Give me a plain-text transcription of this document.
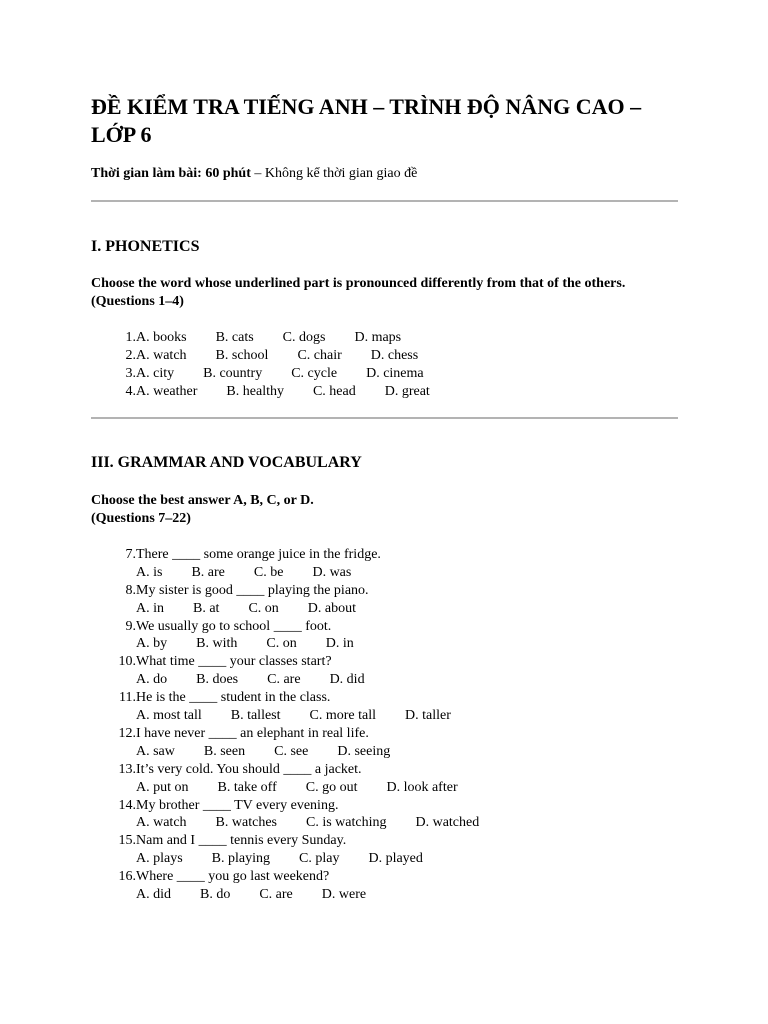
ĐỀ KIỂM TRA TIẾNG ANH – TRÌNH ĐỘ NÂNG CAO – LỚP 6
Thời gian làm bài: 60 phút – Không kể thời gian giao đề
I. PHONETICS
Choose the word whose underlined part is pronounced differently from that of the others.
(Questions 1–4)
1. A. books B. cats C. dogs D. maps
2. A. watch B. school C. chair D. chess
3. A. city B. country C. cycle D. cinema
4. A. weather B. healthy C. head D. great
III. GRAMMAR AND VOCABULARY
Choose the best answer A, B, C, or D.
(Questions 7–22)
7. There ____ some orange juice in the fridge.
A. is B. are C. be D. was
8. My sister is good ____ playing the piano.
A. in B. at C. on D. about
9. We usually go to school ____ foot.
A. by B. with C. on D. in
10. What time ____ your classes start?
A. do B. does C. are D. did
11. He is the ____ student in the class.
A. most tall B. tallest C. more tall D. taller
12. I have never ____ an elephant in real life.
A. saw B. seen C. see D. seeing
13. It’s very cold. You should ____ a jacket.
A. put on B. take off C. go out D. look after
14. My brother ____ TV every evening.
A. watch B. watches C. is watching D. watched
15. Nam and I ____ tennis every Sunday.
A. plays B. playing C. play D. played
16. Where ____ you go last weekend?
A. did B. do C. are D. were
